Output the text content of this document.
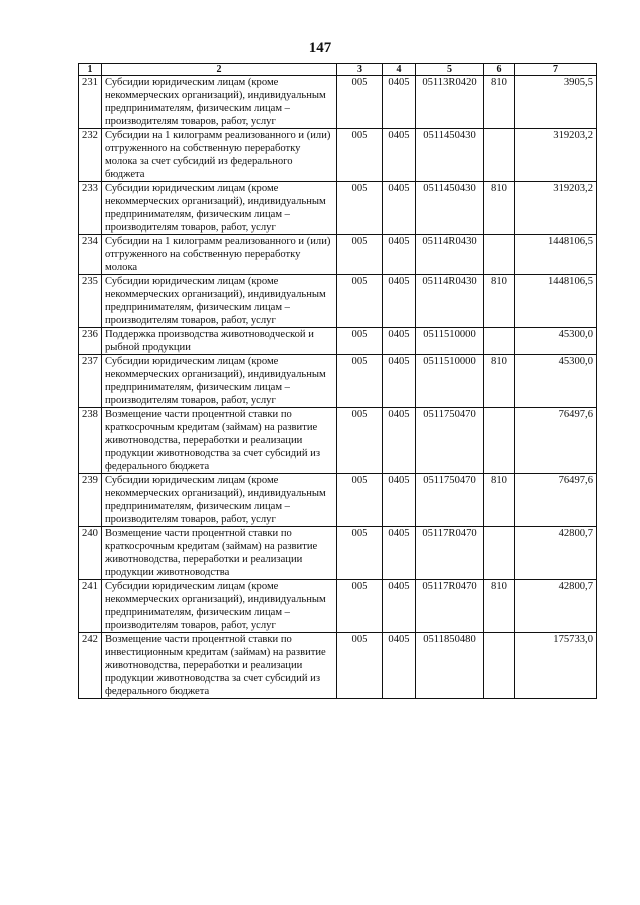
147
1	2	3	4	5	6	7
231	Субсидии юридическим лицам (кроме некоммерческих организаций), индивидуальным предпринимателям, физическим лицам – производителям товаров, работ, услуг	005	0405	05113R0420	810	3905,5
232	Субсидии на 1 килограмм реализованного и (или) отгруженного на собственную переработку молока за счет субсидий из федерального бюджета	005	0405	0511450430		319203,2
233	Субсидии юридическим лицам (кроме некоммерческих организаций), индивидуальным предпринимателям, физическим лицам – производителям товаров, работ, услуг	005	0405	0511450430	810	319203,2
234	Субсидии на 1 килограмм реализованного и (или) отгруженного на собственную переработку молока	005	0405	05114R0430		1448106,5
235	Субсидии юридическим лицам (кроме некоммерческих организаций), индивидуальным предпринимателям, физическим лицам – производителям товаров, работ, услуг	005	0405	05114R0430	810	1448106,5
236	Поддержка производства животноводческой и рыбной продукции	005	0405	0511510000		45300,0
237	Субсидии юридическим лицам (кроме некоммерческих организаций), индивидуальным предпринимателям, физическим лицам – производителям товаров, работ, услуг	005	0405	0511510000	810	45300,0
238	Возмещение части процентной ставки по краткосрочным кредитам (займам) на развитие животноводства, переработки и реализации продукции животноводства за счет субсидий из федерального бюджета	005	0405	0511750470		76497,6
239	Субсидии юридическим лицам (кроме некоммерческих организаций), индивидуальным предпринимателям, физическим лицам – производителям товаров, работ, услуг	005	0405	0511750470	810	76497,6
240	Возмещение части процентной ставки по краткосрочным кредитам (займам) на развитие животноводства, переработки и реализации продукции животноводства	005	0405	05117R0470		42800,7
241	Субсидии юридическим лицам (кроме некоммерческих организаций), индивидуальным предпринимателям, физическим лицам – производителям товаров, работ, услуг	005	0405	05117R0470	810	42800,7
242	Возмещение части процентной ставки по инвестиционным кредитам (займам) на развитие животноводства, переработки и реализации продукции животноводства за счет субсидий из федерального бюджета	005	0405	0511850480		175733,0
